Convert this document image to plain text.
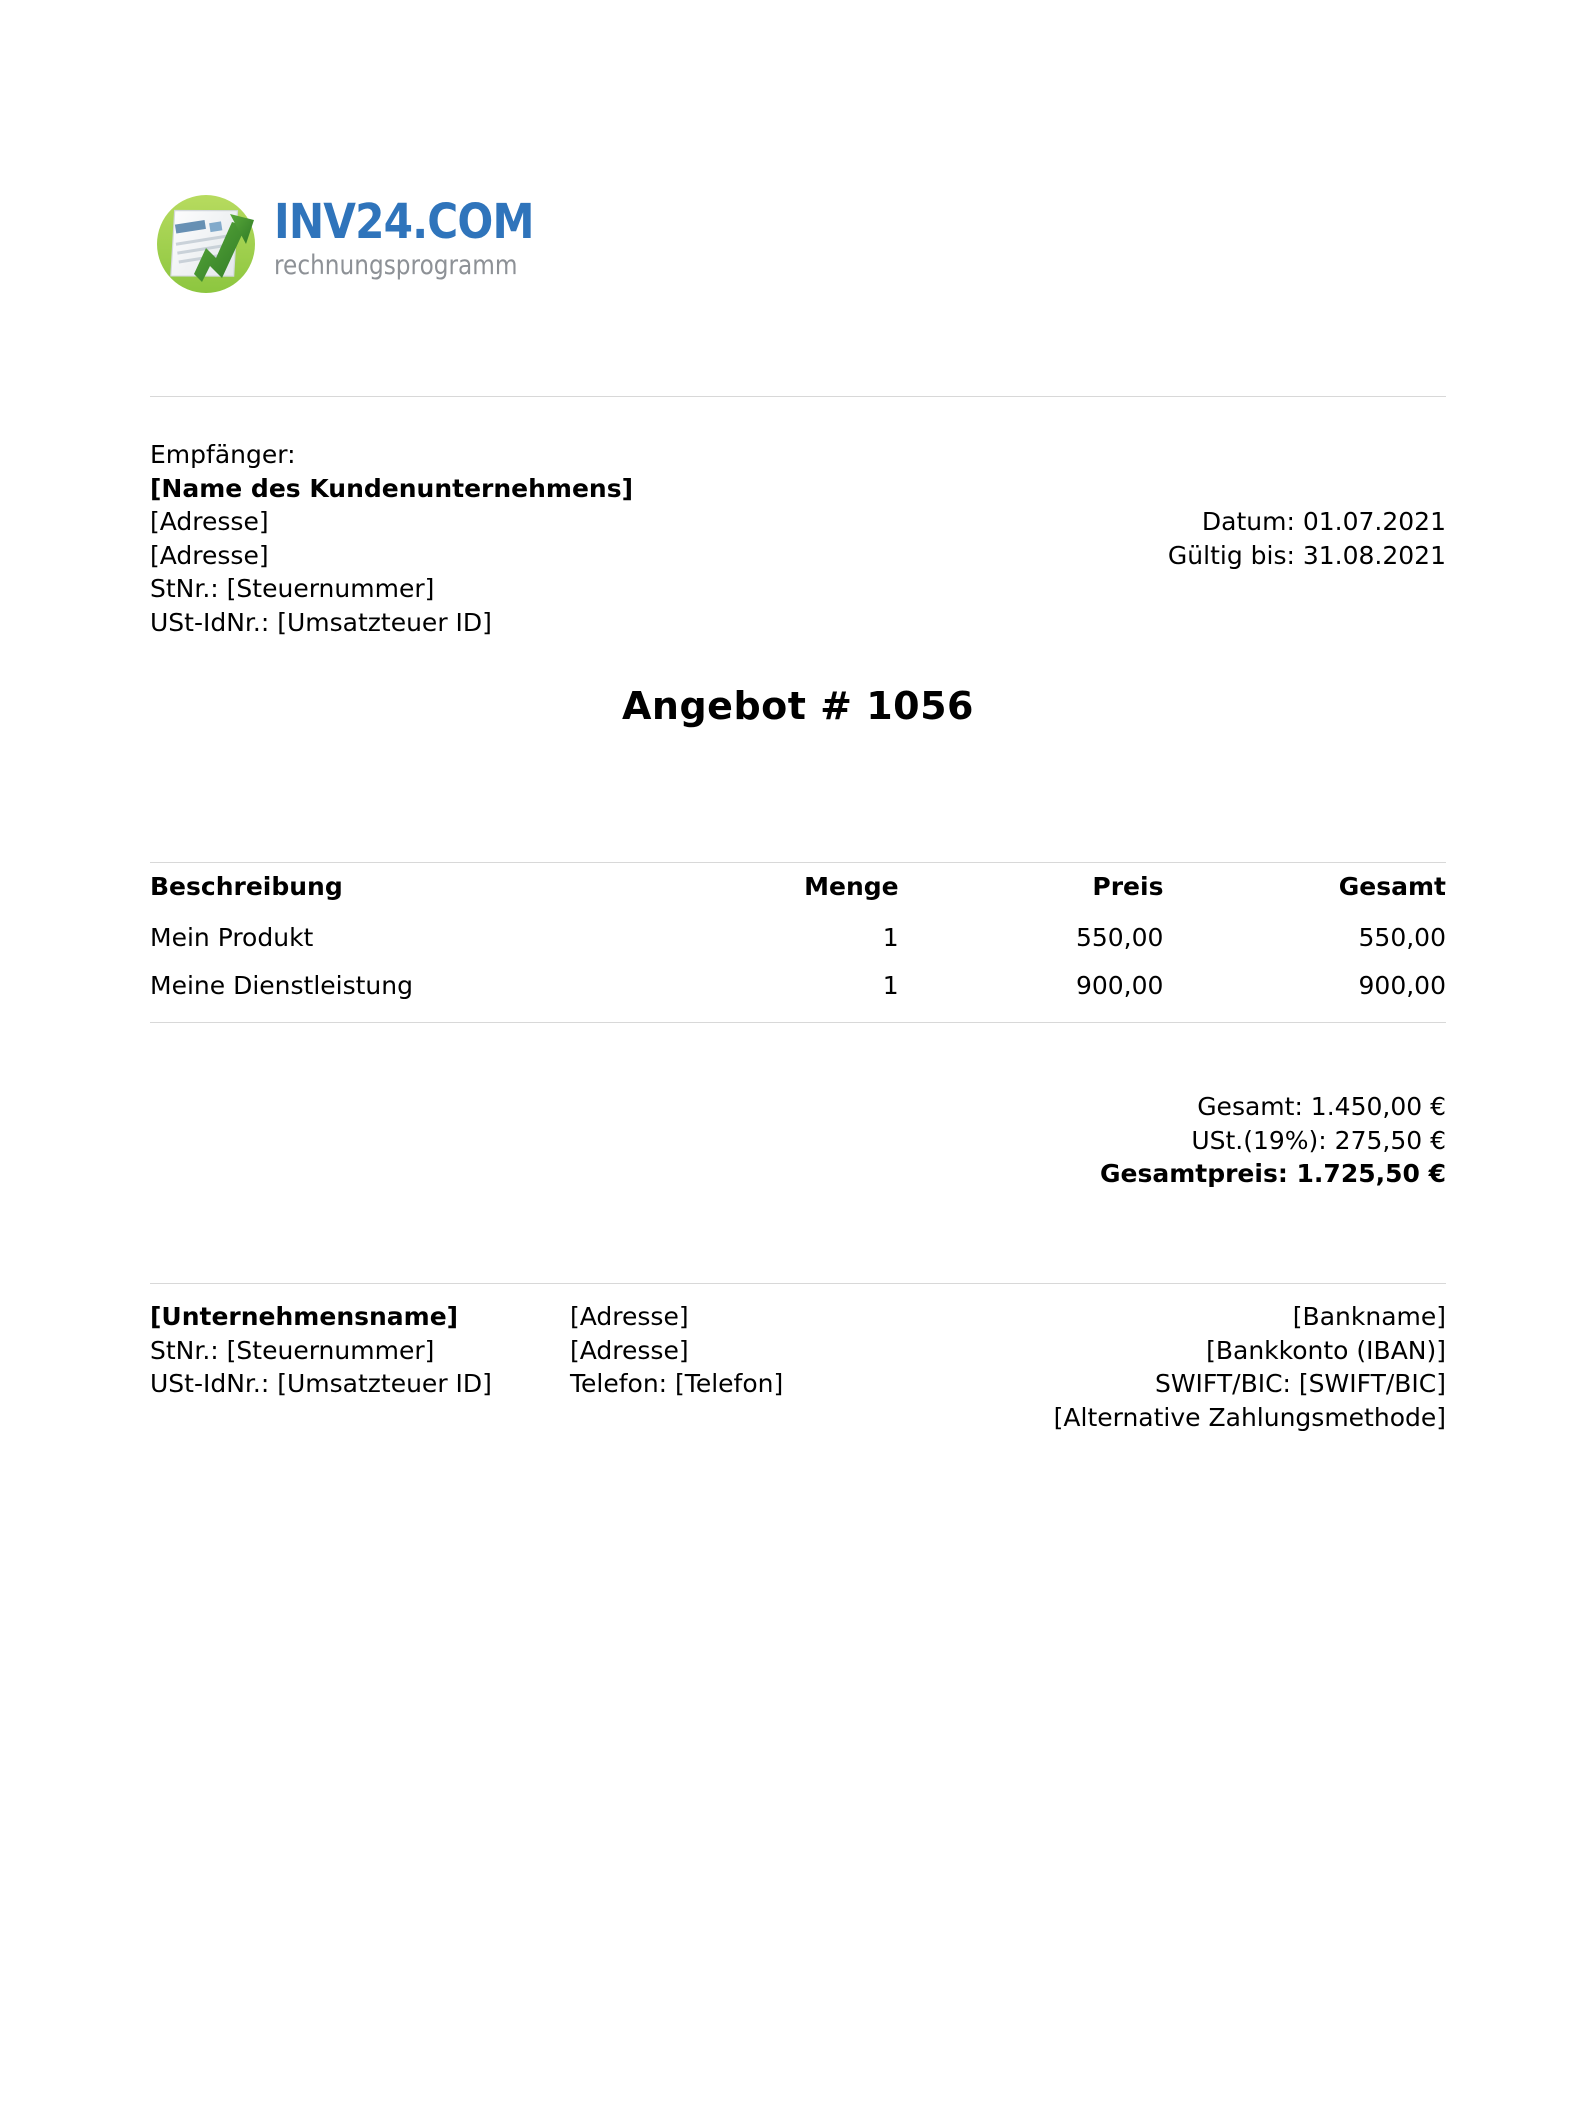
INV24.COM
rechnungsprogramm
Empfänger:
[Name des Kundenunternehmens]
[Adresse]
[Adresse]
StNr.: [Steuernummer]
USt-IdNr.: [Umsatzteuer ID]
Datum: 01.07.2021
Gültig bis: 31.08.2021
Angebot # 1056
Beschreibung	Menge	Preis	Gesamt
Mein Produkt	1	550,00	550,00
Meine Dienstleistung	1	900,00	900,00
Gesamt: 1.450,00 €
USt.(19%): 275,50 €
Gesamtpreis: 1.725,50 €
[Unternehmensname]
StNr.: [Steuernummer]
USt-IdNr.: [Umsatzteuer ID]
[Adresse]
[Adresse]
Telefon: [Telefon]
[Bankname]
[Bankkonto (IBAN)]
SWIFT/BIC: [SWIFT/BIC]
[Alternative Zahlungsmethode]
